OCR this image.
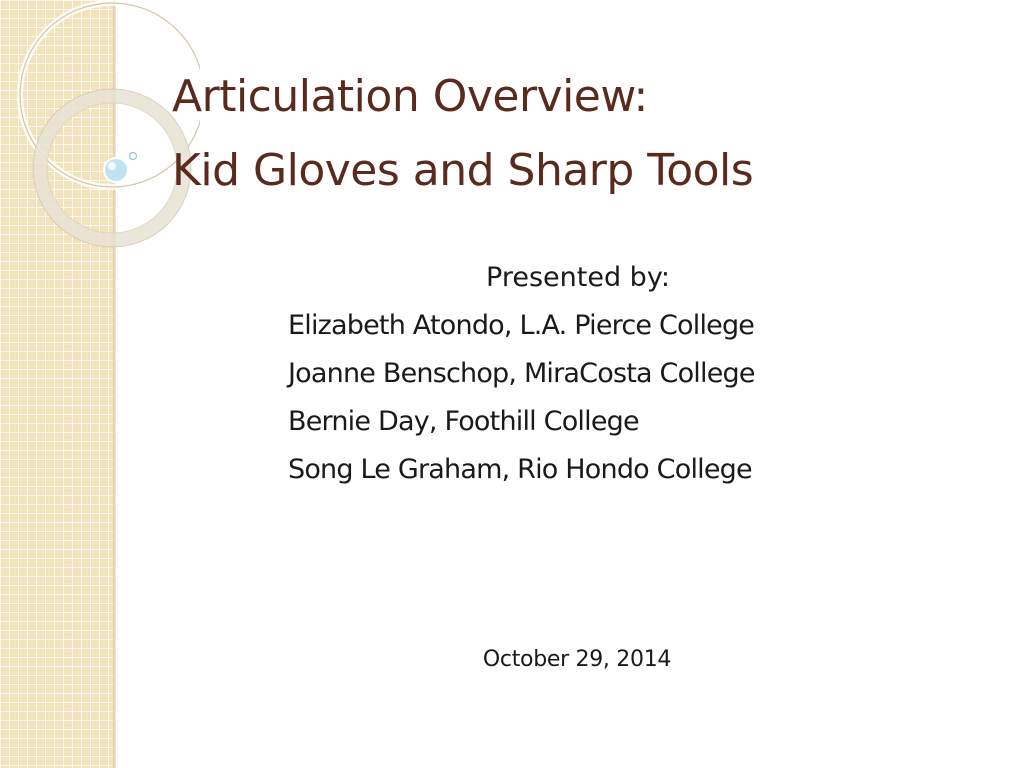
Articulation Overview:
Kid Gloves and Sharp Tools

Presented by:

Elizabeth Atondo, L.A. Pierce College
Joanne Benschop, MiraCosta College
Bernie Day, Foothill College
Song Le Graham, Rio Hondo College
October 29, 2014
